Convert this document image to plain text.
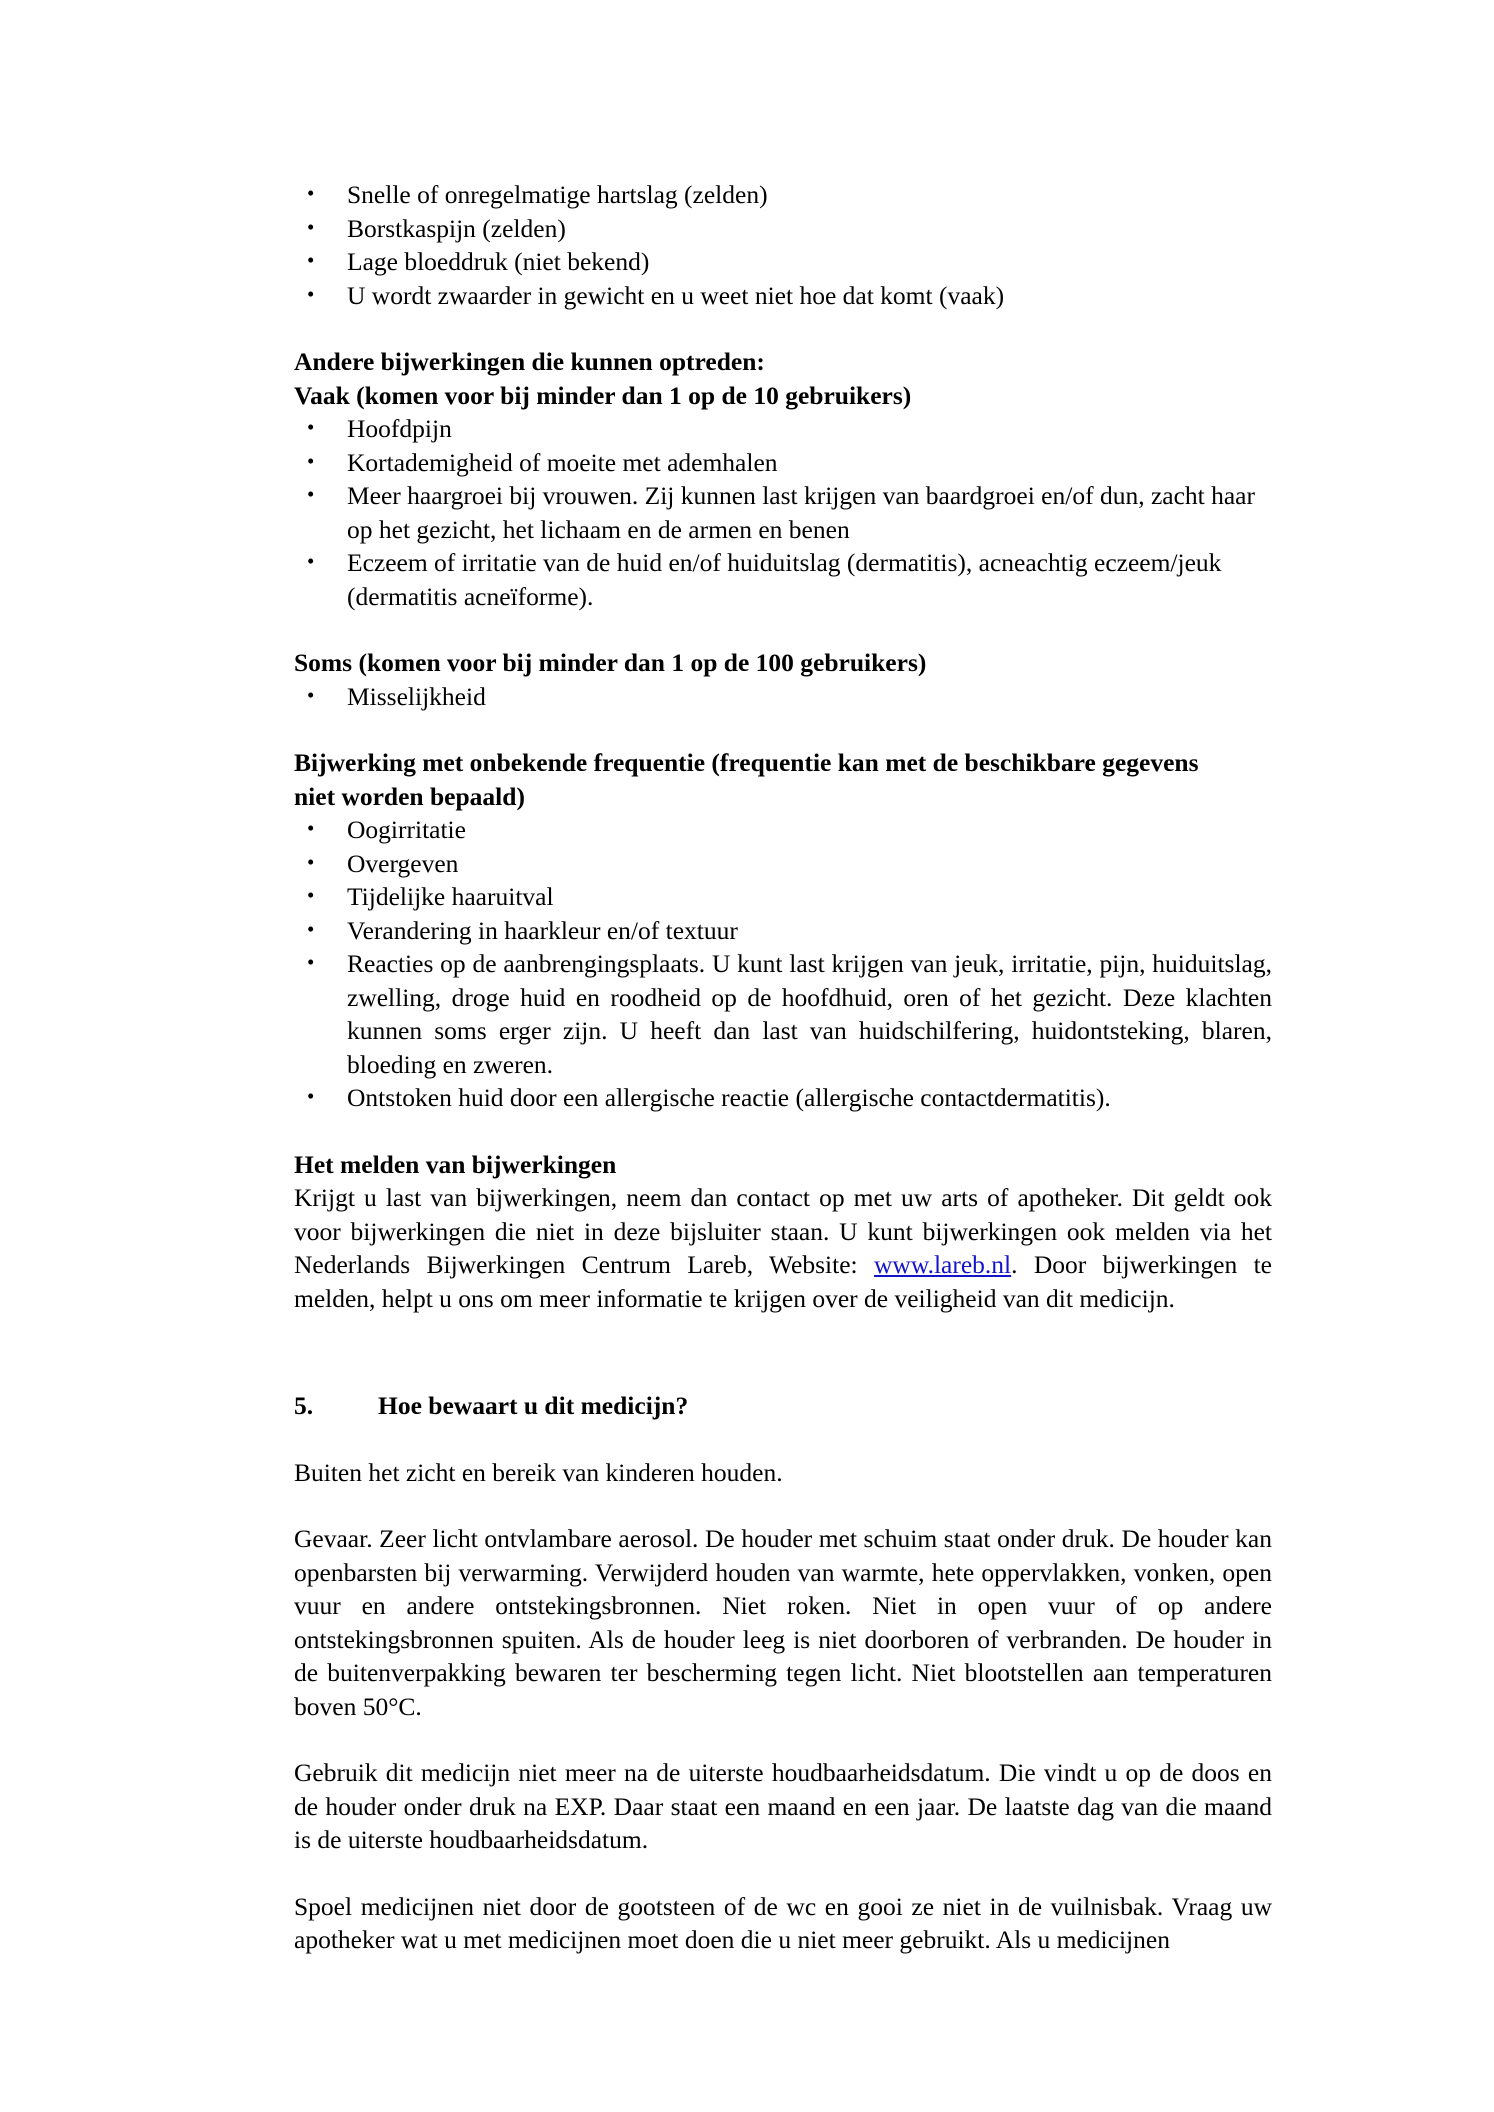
• Snelle of onregelmatige hartslag (zelden)
• Borstkaspijn (zelden)
• Lage bloeddruk (niet bekend)
• U wordt zwaarder in gewicht en u weet niet hoe dat komt (vaak)
Andere bijwerkingen die kunnen optreden:
Vaak (komen voor bij minder dan 1 op de 10 gebruikers)
• Hoofdpijn
• Kortademigheid of moeite met ademhalen
• Meer haargroei bij vrouwen. Zij kunnen last krijgen van baardgroei en/of dun, zacht haar op het gezicht, het lichaam en de armen en benen
• Eczeem of irritatie van de huid en/of huiduitslag (dermatitis), acneachtig eczeem/jeuk (dermatitis acneïforme).
Soms (komen voor bij minder dan 1 op de 100 gebruikers)
• Misselijkheid
Bijwerking met onbekende frequentie (frequentie kan met de beschikbare gegevens
niet worden bepaald)
• Oogirritatie
• Overgeven
• Tijdelijke haaruitval
• Verandering in haarkleur en/of textuur
• Reacties op de aanbrengingsplaats. U kunt last krijgen van jeuk, irritatie, pijn, huiduitslag, zwelling, droge huid en roodheid op de hoofdhuid, oren of het gezicht. Deze klachten kunnen soms erger zijn. U heeft dan last van huidschilfering, huidontsteking, blaren, bloeding en zweren.
• Ontstoken huid door een allergische reactie (allergische contactdermatitis).
Het melden van bijwerkingen

Krijgt u last van bijwerkingen, neem dan contact op met uw arts of apotheker. Dit geldt ook voor bijwerkingen die niet in deze bijsluiter staan. U kunt bijwerkingen ook melden via het Nederlands Bijwerkingen Centrum Lareb, Website: www.lareb.nl. Door bijwerkingen te melden, helpt u ons om meer informatie te krijgen over de veiligheid van dit medicijn.

5.	Hoe bewaart u dit medicijn?

Buiten het zicht en bereik van kinderen houden.

Gevaar. Zeer licht ontvlambare aerosol. De houder met schuim staat onder druk. De houder kan openbarsten bij verwarming. Verwijderd houden van warmte, hete oppervlakken, vonken, open vuur en andere ontstekingsbronnen. Niet roken. Niet in open vuur of op andere ontstekingsbronnen spuiten. Als de houder leeg is niet doorboren of verbranden. De houder in de buitenverpakking bewaren ter bescherming tegen licht. Niet blootstellen aan temperaturen boven 50°C.

Gebruik dit medicijn niet meer na de uiterste houdbaarheidsdatum. Die vindt u op de doos en de houder onder druk na EXP. Daar staat een maand en een jaar. De laatste dag van die maand is de uiterste houdbaarheidsdatum.

Spoel medicijnen niet door de gootsteen of de wc en gooi ze niet in de vuilnisbak. Vraag uw apotheker wat u met medicijnen moet doen die u niet meer gebruikt. Als u medicijnen
